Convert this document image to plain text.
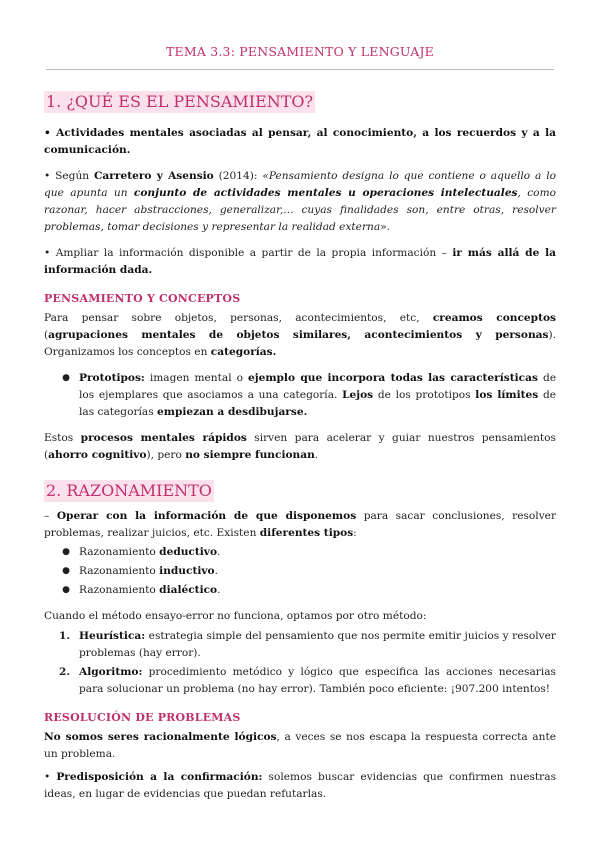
TEMA 3.3: PENSAMIENTO Y LENGUAJE
1. ¿QUÉ ES EL PENSAMIENTO?

• Actividades mentales asociadas al pensar, al conocimiento, a los recuerdos y a la comunicación.

• Según Carretero y Asensio (2014): «Pensamiento designa lo que contiene o aquello a lo que apunta un conjunto de actividades mentales u operaciones intelectuales, como razonar, hacer abstracciones, generalizar,... cuyas finalidades son, entre otras, resolver problemas, tomar decisiones y representar la realidad externa».

• Ampliar la información disponible a partir de la propia información – ir más allá de la información dada.

PENSAMIENTO Y CONCEPTOS

Para pensar sobre objetos, personas, acontecimientos, etc, creamos conceptos (agrupaciones mentales de objetos similares, acontecimientos y personas). Organizamos los conceptos en categorías.

● Prototipos: imagen mental o ejemplo que incorpora todas las características de los ejemplares que asociamos a una categoría. Lejos de los prototipos los límites de las categorías empiezan a desdibujarse.

Estos procesos mentales rápidos sirven para acelerar y guiar nuestros pensamientos (ahorro cognitivo), pero no siempre funcionan.

2. RAZONAMIENTO

– Operar con la información de que disponemos para sacar conclusiones, resolver problemas, realizar juicios, etc. Existen diferentes tipos:

● Razonamiento deductivo.
● Razonamiento inductivo.
● Razonamiento dialéctico.

Cuando el método ensayo-error no funciona, optamos por otro método:

1. Heurística: estrategia simple del pensamiento que nos permite emitir juicios y resolver problemas (hay error).
2. Algoritmo: procedimiento metódico y lógico que especifica las acciones necesarias para solucionar un problema (no hay error). También poco eficiente: ¡907.200 intentos!
RESOLUCIÓN DE PROBLEMAS

No somos seres racionalmente lógicos, a veces se nos escapa la respuesta correcta ante un problema.

• Predisposición a la confirmación: solemos buscar evidencias que confirmen nuestras ideas, en lugar de evidencias que puedan refutarlas.
